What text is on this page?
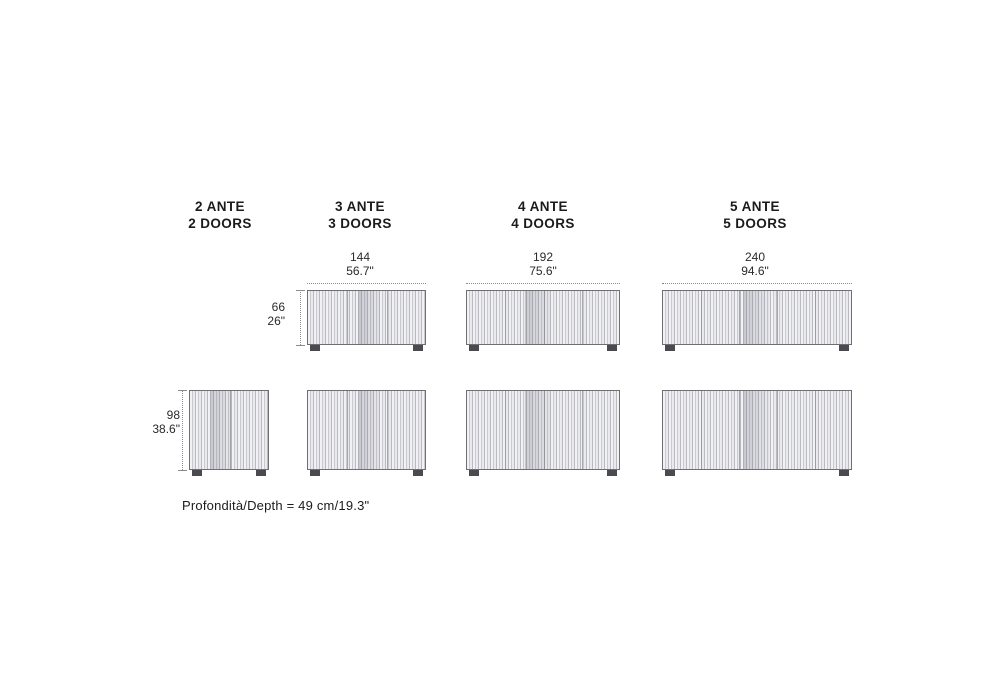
2 ANTE
2 DOORS
3 ANTE
3 DOORS
4 ANTE
4 DOORS
5 ANTE
5 DOORS
144
56.7"
192
75.6"
240
94.6"
66
26"
98
38.6"
Profondità/Depth = 49 cm/19.3"
